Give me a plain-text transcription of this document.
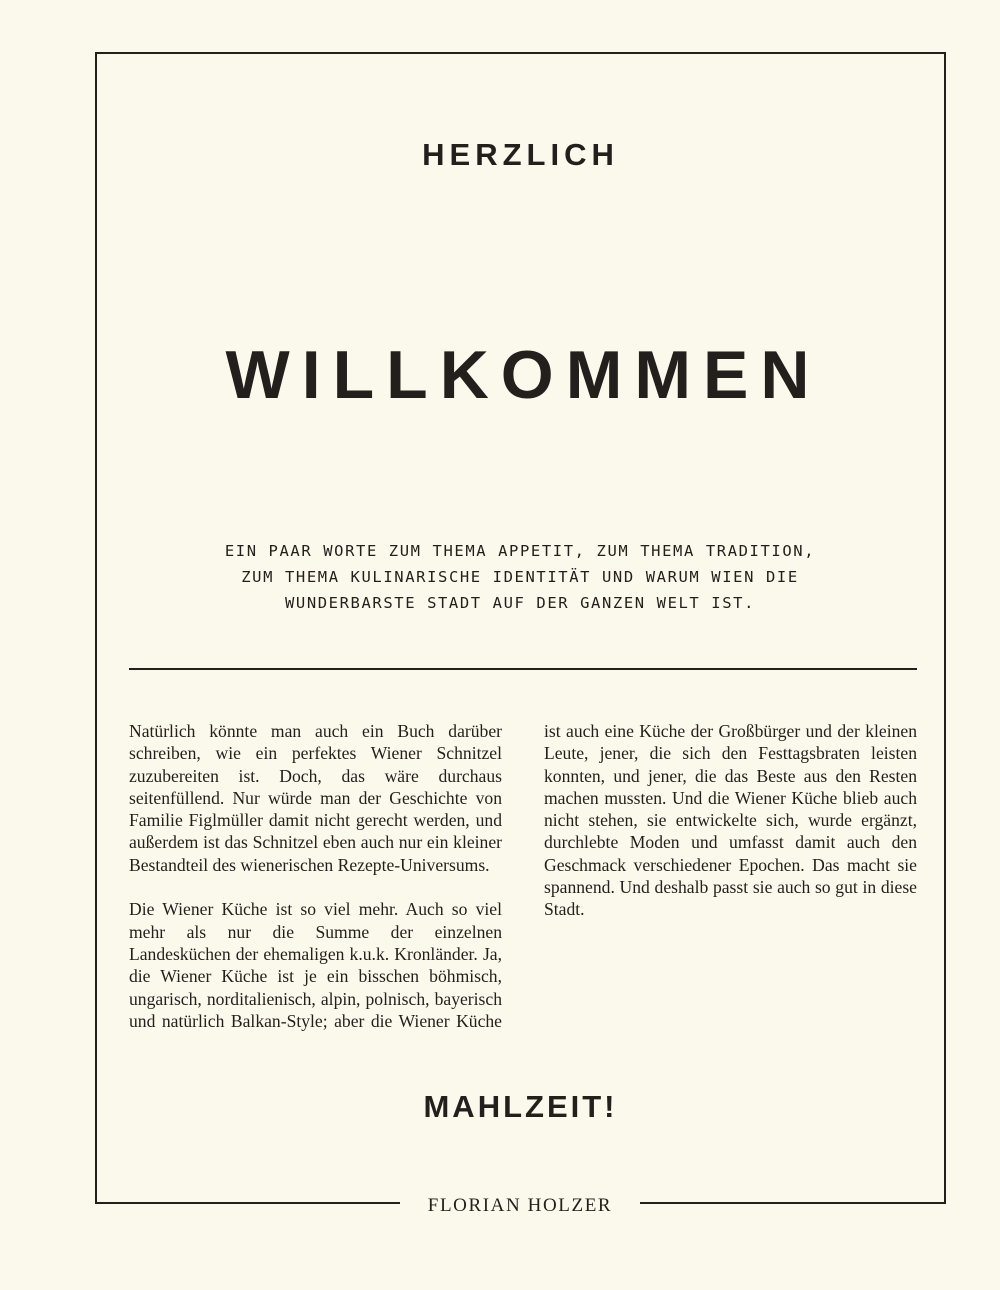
HERZLICH
WILLKOMMEN

EIN PAAR WORTE ZUM THEMA APPETIT, ZUM THEMA TRADITION,
ZUM THEMA KULINARISCHE IDENTITÄT UND WARUM WIEN DIE
WUNDERBARSTE STADT AUF DER GANZEN WELT IST.

Natürlich könnte man auch ein Buch darüber schreiben, wie ein perfektes Wiener Schnitzel zuzubereiten ist. Doch, das wäre durchaus seitenfüllend. Nur würde man der Geschichte von Familie Figlmüller damit nicht gerecht werden, und außerdem ist das Schnitzel eben auch nur ein kleiner Bestandteil des wienerischen Rezepte-Universums.

Die Wiener Küche ist so viel mehr. Auch so viel mehr als nur die Summe der einzelnen Landesküchen der ehemaligen k.u.k. Kronländer. Ja, die Wiener Küche ist je ein bisschen böhmisch, ungarisch, norditalienisch, alpin, polnisch, bayerisch und natürlich Balkan-Style; aber die Wiener Küche ist auch eine Küche der Großbürger und der kleinen Leute, jener, die sich den Festtagsbraten leisten konnten, und jener, die das Beste aus den Resten machen mussten. Und die Wiener Küche blieb auch nicht stehen, sie entwickelte sich, wurde ergänzt, durchlebte Moden und umfasst damit auch den Geschmack verschiedener Epochen. Das macht sie spannend. Und deshalb passt sie auch so gut in diese Stadt.

MAHLZEIT!

FLORIAN HOLZER
